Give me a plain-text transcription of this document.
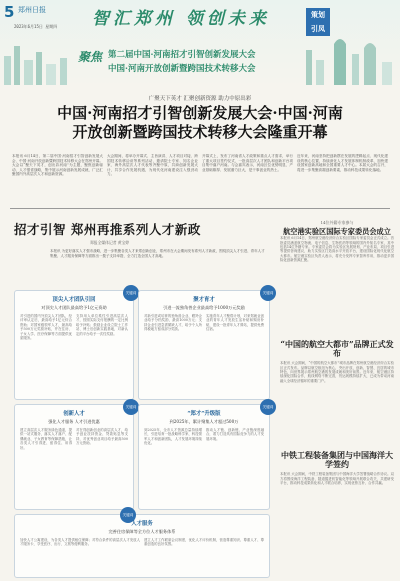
5 郑州日报
2023年6月15日 星期四 智汇郑州 领创未来	策划
引凤
聚焦 第二届中国·河南招才引智创新发展大会
中国·河南开放创新暨跨国技术转移大会
广聚天下英才 汇聚创新资源 助力中原出彩
中国·河南招才引智创新发展大会·中国·河南
开放创新暨跨国技术转移大会隆重开幕
本报讯 6月14日，第二届中国·河南招才引智创新发展大会、中国·河南开放创新暨跨国技术转移大会在郑州开幕。大会以“聚天下英才，创出彩河南”为主题，聚焦创新驱动、人才强省战略，集中展示河南创新发展成就，广泛汇聚国内外高层次人才和创新资源。
大会期间，将举办开幕式、主旨演讲、人才项目对接、跨国技术转移洽谈等系列活动，邀请院士专家、知名企业家、海外高层次人才代表等齐聚中原，共商创新发展大计，共享合作发展机遇，为现代化河南建设注入强劲动力。
开幕式上，发布了河南省人才政策和重点人才需求，举行了重大项目签约仪式，一批高层次人才团队和创新平台项目集中落户河南。与会嘉宾表示，河南区位优势明显、产业基础雄厚、发展潜力巨大，是干事创业的热土。
近年来，河南坚持把创新摆在发展的逻辑起点、现代化建设的核心位置，持续深化人才发展体制机制改革，加快建设国家创新高地和全国重要人才中心。本届大会的召开，将进一步集聚高端创新要素，推动科技成果转化落地。
招才引智 郑州再推系列人才新政
郑报全媒体记者 黄宝婷
本报讯 为更好落实人才强市战略，进一步集聚各类人才来郑创新创业，郑州市在大会期间发布系列人才新政，围绕顶尖人才引进、青年人才集聚、人才服务保障等方面推出一揽子支持举措，全力打造全国人才高地。
顶尖人才团队引回
对顶尖人才团队最高给予1亿元资助
对引进的国内外顶尖人才团队，经评审认定后，最高给予1亿元综合资助；对国家级领军人才，最高给予500万元奖励补贴，并在住房、子女入学、医疗保障等方面提供优质服务。
支持用人单位柔性引进高层次人才，按照实际支付报酬的一定比例给予补贴；鼓励企业设立院士工作站、博士后创新实践基地，对新认定的平台给予一次性奖励。
关键词
聚才育才
引进一流独角兽企业最高给予1000万元奖励
对新引进或培育的独角兽企业、瞪羚企业给予分档奖励，最高1000万元；支持企业引进急需紧缺人才，给予个人所得税地方留成部分奖励。
实施青年人才聚郑计划，对来郑就业创业的青年人才发放生活补贴和购房补贴，建设一批青年人才驿站，提供免费住宿。
关键词
创新人才
强化人才服务 人才引进优惠
建立高层次人才服务绿色通道，提供一站式服务，落实人才落户、配偶就业、子女教育等保障措施，让各类人才引得进、留得住、用得好。
对在郑创新创业的高层次人才，给予创业扶持资金、贷款贴息等支持，对优秀创业项目给予最高500万元资助。
关键词
“郑才”升级版
到2025年，累计聚集人才超过500万
到2025年，全市人才资源总量持续增长，引进培育一批战略科学家、科技领军人才和创新团队，人才发展环境持续优化。
推动人才链、创新链、产业链深度融合，着力打造具有国际竞争力的人才发展环境。
关键词
人才服务
完善住房保障等全方位人才服务体系
加快人才公寓建设，为各类人才提供租住保障；对符合条件的高层次人才发放人才服务卡，享受医疗、出行、文旅等便利服务。
建立人才工作联席会议制度，优化人才评价机制，营造尊重知识、尊重人才、尊重创造的良好氛围。
关键词
14位外籍专家参与
航空港实验区国际专家委员会成立

本报讯 6月14日，郑州航空港经济综合实验区国际专家委员会正式成立。首批委员涵盖航空物流、电子信息、生物医药等领域的国内外知名专家，其中包括14位外籍专家。专家委员会将为实验区发展规划、产业布局、项目引进等提供咨询建议，助力实验区打造高水平开放平台，建设国际化现代化航空大都市。航空港实验区负责人表示，将充分发挥专家智库作用，推动更多国际化创新资源汇聚。

“中国的航空大都市”品牌正式发布

本报讯 大会期间，“中国的航空大都市”城市品牌在郑州航空港经济综合实验区正式发布。品牌以航空枢纽为核心，突出开放、创新、智慧、宜居的城市特色，向世界展示郑州航空港的发展成就和美好前景。近年来，航空港区持续深化国际合作，航线网络不断完善，货运规模持续扩大，已成为带动河南融入全球经济循环的重要门户。

中铁工程装备集团与中国海洋大学签约

本报讯 大会期间，中铁工程装备集团与中国海洋大学签署战略合作协议。双方将围绕海洋工程装备、隧道掘进机智能化等领域开展联合攻关，共建研发平台，推动科技成果转化和人才联合培养，实现优势互补、合作共赢。
